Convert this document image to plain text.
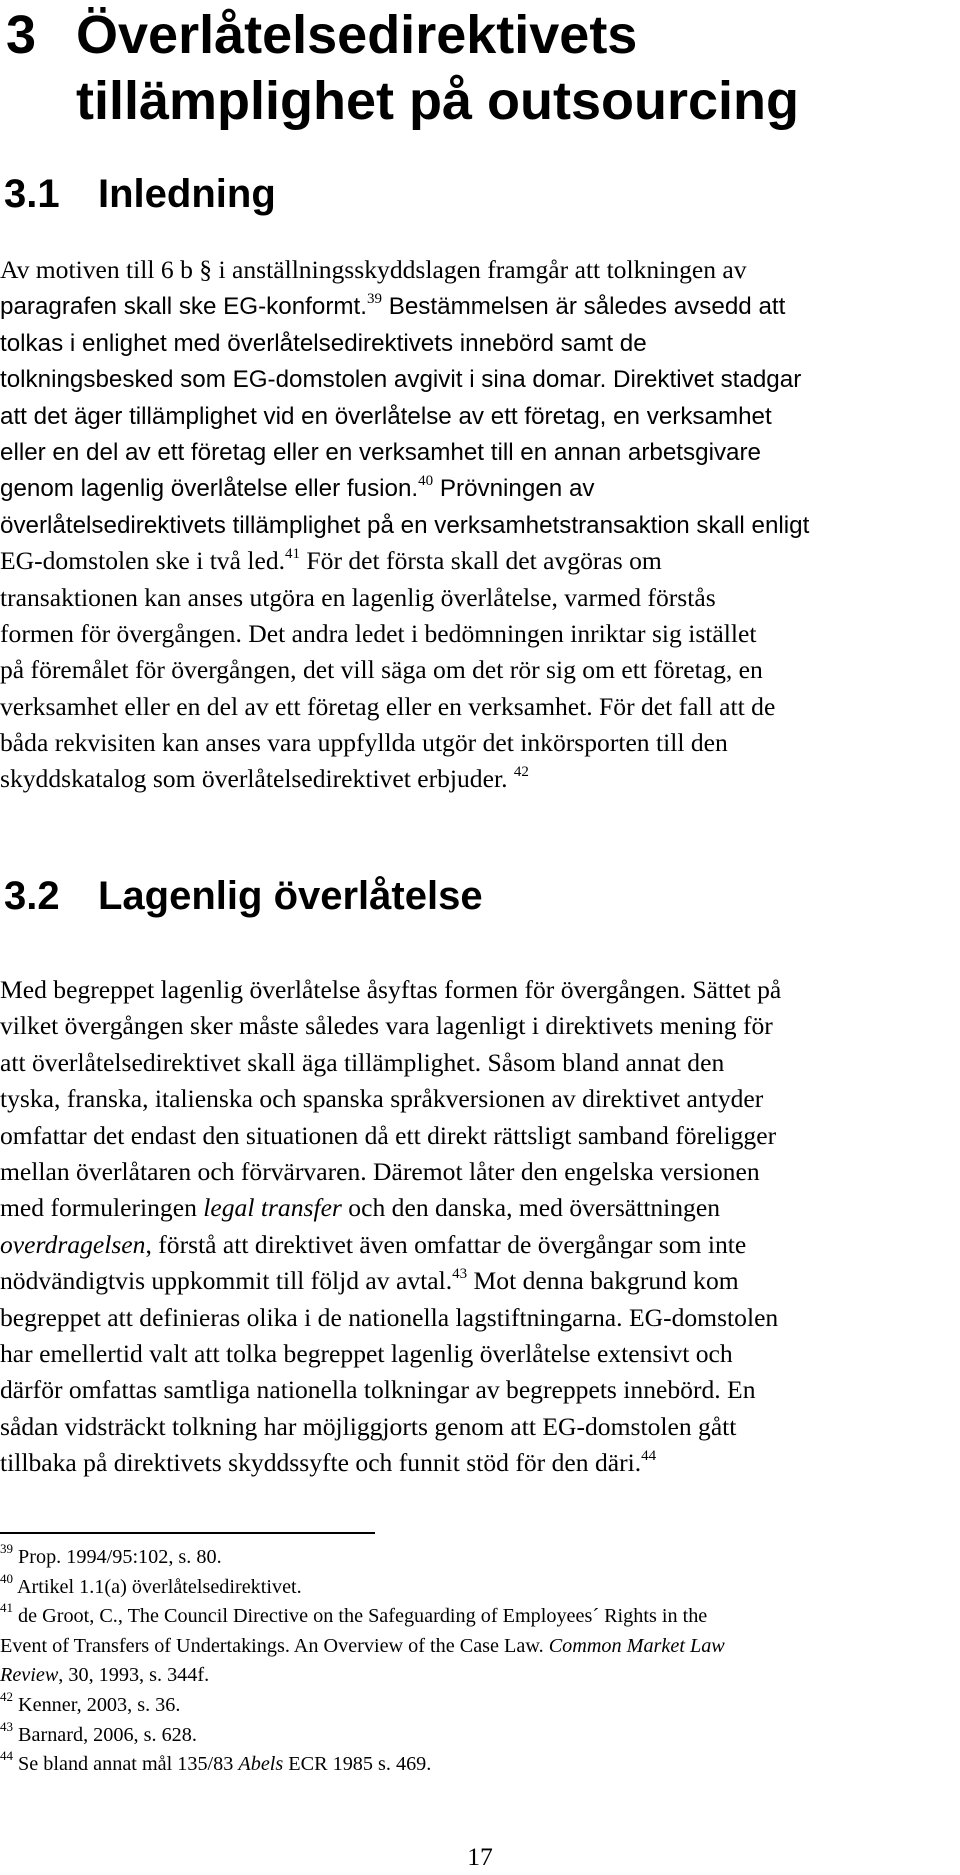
3 Överlåtelsedirektivets
tillämplighet på outsourcing
3.1 Inledning
Av motiven till 6 b § i anställningsskyddslagen framgår att tolkningen av
paragrafen skall ske EG-konformt.$^{39}$ Bestämmelsen är således avsedd att
tolkas i enlighet med överlåtelsedirektivets innebörd samt de
tolkningsbesked som EG-domstolen avgivit i sina domar. Direktivet stadgar
att det äger tillämplighet vid en överlåtelse av ett företag, en verksamhet
eller en del av ett företag eller en verksamhet till en annan arbetsgivare
genom lagenlig överlåtelse eller fusion.$^{40}$ Prövningen av
överlåtelsedirektivets tillämplighet på en verksamhetstransaktion skall enligt
EG-domstolen ske i två led.$^{41}$ För det första skall det avgöras om
transaktionen kan anses utgöra en lagenlig överlåtelse, varmed förstås
formen för övergången. Det andra ledet i bedömningen inriktar sig istället
på föremålet för övergången, det vill säga om det rör sig om ett företag, en
verksamhet eller en del av ett företag eller en verksamhet. För det fall att de
båda rekvisiten kan anses vara uppfyllda utgör det inkörsporten till den
skyddskatalog som överlåtelsedirektivet erbjuder. $^{42}$
3.2 Lagenlig överlåtelse
Med begreppet lagenlig överlåtelse åsyftas formen för övergången. Sättet på
vilket övergången sker måste således vara lagenligt i direktivets mening för
att överlåtelsedirektivet skall äga tillämplighet. Såsom bland annat den
tyska, franska, italienska och spanska språkversionen av direktivet antyder
omfattar det endast den situationen då ett direkt rättsligt samband föreligger
mellan överlåtaren och förvärvaren. Däremot låter den engelska versionen
med formuleringen legal transfer och den danska, med översättningen
overdragelsen, förstå att direktivet även omfattar de övergångar som inte
nödvändigtvis uppkommit till följd av avtal.$^{43}$ Mot denna bakgrund kom
begreppet att definieras olika i de nationella lagstiftningarna. EG-domstolen
har emellertid valt att tolka begreppet lagenlig överlåtelse extensivt och
därför omfattas samtliga nationella tolkningar av begreppets innebörd. En
sådan vidsträckt tolkning har möjliggjorts genom att EG-domstolen gått
tillbaka på direktivets skyddssyfte och funnit stöd för den däri.$^{44}$
$^{39}$ Prop. 1994/95:102, s. 80.
$^{40}$ Artikel 1.1(a) överlåtelsedirektivet.
$^{41}$ de Groot, C., The Council Directive on the Safeguarding of Employees´ Rights in the
Event of Transfers of Undertakings. An Overview of the Case Law. Common Market Law
Review, 30, 1993, s. 344f.
$^{42}$ Kenner, 2003, s. 36.
$^{43}$ Barnard, 2006, s. 628.
$^{44}$ Se bland annat mål 135/83 Abels ECR 1985 s. 469.
17
